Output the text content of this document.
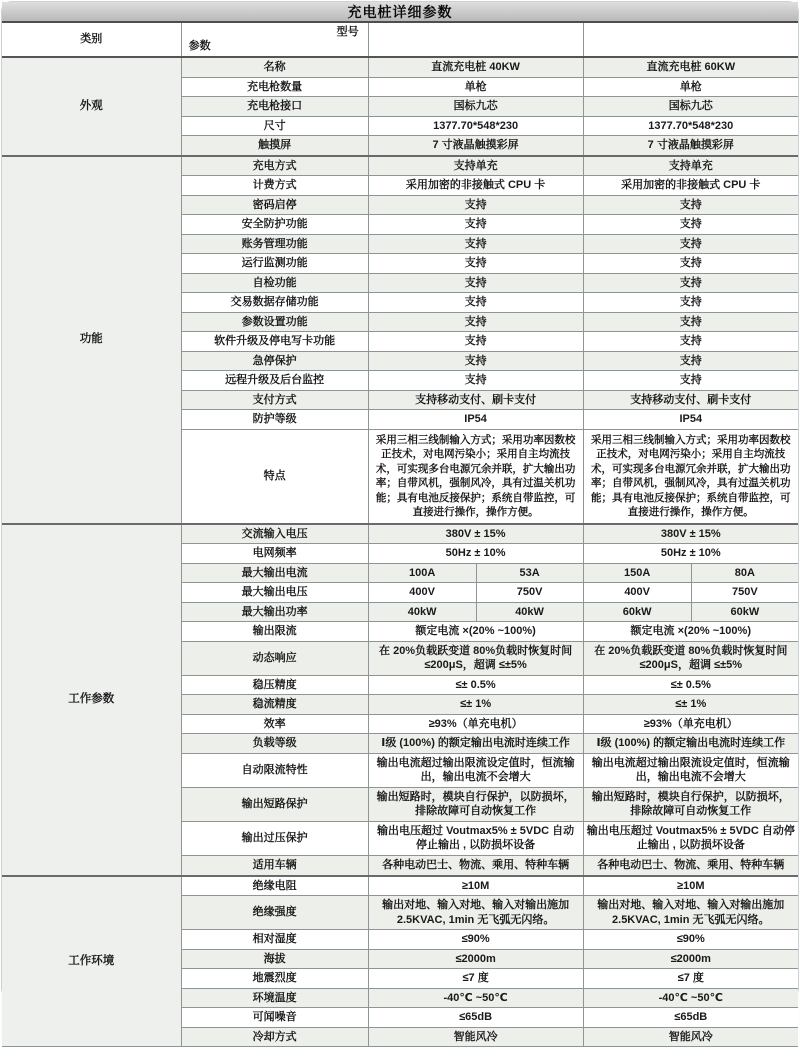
充电桩详细参数
类别	型号
参数		

外观	名称	直流充电桩 40KW	直流充电桩 60KW
	充电枪数量	单枪	单枪
	充电枪接口	国标九芯	国标九芯
	尺寸	1377.70*548*230	1377.70*548*230
	触摸屏	7 寸液晶触摸彩屏	7 寸液晶触摸彩屏
功能	充电方式	支持单充	支持单充
	计费方式	采用加密的非接触式 CPU 卡	采用加密的非接触式 CPU 卡
	密码启停	支持	支持
	安全防护功能	支持	支持
	账务管理功能	支持	支持
	运行监测功能	支持	支持
	自检功能	支持	支持
	交易数据存储功能	支持	支持
	参数设置功能	支持	支持
	软件升级及停电写卡功能	支持	支持
	急停保护	支持	支持
	远程升级及后台监控	支持	支持
	支付方式	支持移动支付、刷卡支付	支持移动支付、刷卡支付
	防护等级	IP54	IP54
	特点	采用三相三线制输入方式；采用功率因数校正技术，对电网污染小；采用自主均流技术，可实现多台电源冗余并联，扩大输出功率；自带风机，强制风冷，具有过温关机功能；具有电池反接保护；系统自带监控，可直接进行操作，操作方便。	采用三相三线制输入方式；采用功率因数校正技术，对电网污染小；采用自主均流技术，可实现多台电源冗余并联，扩大输出功率；自带风机，强制风冷，具有过温关机功能；具有电池反接保护；系统自带监控，可直接进行操作，操作方便。
工作参数	交流输入电压	380V ± 15%	380V ± 15%
	电网频率	50Hz ± 10%	50Hz ± 10%
	最大输出电流	100A 53A	150A 80A

	最大输出电压	400V 750V	400V 750V

	最大输出功率	40kW 40kW	60kW 60kW

	输出限流	额定电流 ×(20% ~100%)	额定电流 ×(20% ~100%)
	动态响应	在 20%负载跃变道 80%负载时恢复时间 ≤200μS，超调 ≤±5%	在 20%负载跃变道 80%负载时恢复时间 ≤200μS，超调 ≤±5%
	稳压精度	≤± 0.5%	≤± 0.5%
	稳流精度	≤± 1%	≤± 1%
	效率	≥93%（单充电机）	≥93%（单充电机）
	负载等级	Ⅰ级 (100%) 的额定输出电流时连续工作	Ⅰ级 (100%) 的额定输出电流时连续工作
	自动限流特性	输出电流超过输出限流设定值时，恒流输出，输出电流不会增大	输出电流超过输出限流设定值时，恒流输出，输出电流不会增大
	输出短路保护	输出短路时，模块自行保护，以防损坏，排除故障可自动恢复工作	输出短路时，模块自行保护，以防损坏，排除故障可自动恢复工作
	输出过压保护	输出电压超过 Voutmax5% ± 5VDC 自动停止输出 , 以防损坏设备	输出电压超过 Voutmax5% ± 5VDC 自动停止输出 , 以防损坏设备
	适用车辆	各种电动巴士、物流、乘用、特种车辆	各种电动巴士、物流、乘用、特种车辆
工作环境	绝缘电阻	≥10M	≥10M
	绝缘强度	输出对地、输入对地、输入对输出施加 2.5KVAC, 1min 无飞弧无闪络。	输出对地、输入对地、输入对输出施加 2.5KVAC, 1min 无飞弧无闪络。
	相对湿度	≤90%	≤90%
	海拔	≤2000m	≤2000m
	地震烈度	≤7 度	≤7 度
	环境温度	-40℃ ~50℃	-40℃ ~50℃
	可闻噪音	≤65dB	≤65dB
	冷却方式	智能风冷	智能风冷
